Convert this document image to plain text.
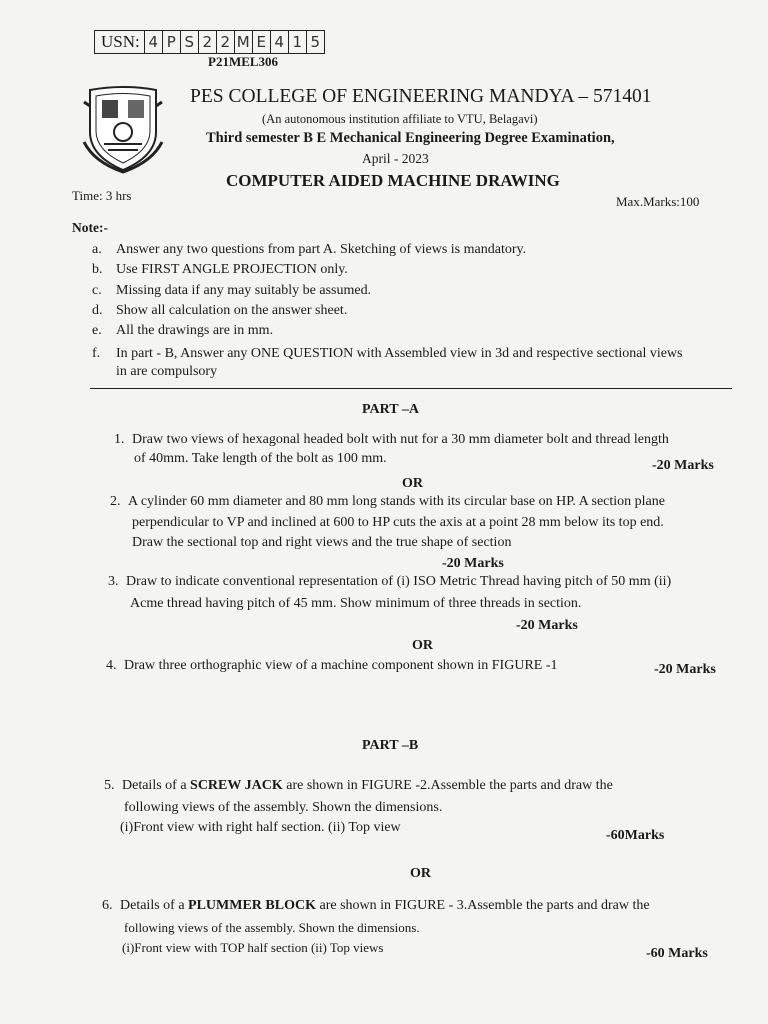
USN: 4 P S 2 2 M E 4 1 5
P21MEL306
PES COLLEGE OF ENGINEERING MANDYA – 571401
(An autonomous institution affiliate to VTU, Belagavi)
Third semester B E Mechanical Engineering Degree Examination,
April - 2023
COMPUTER AIDED MACHINE DRAWING
Time: 3 hrs	Max.Marks:100
Note:-
a. Answer any two questions from part A. Sketching of views is mandatory.
b. Use FIRST ANGLE PROJECTION only.
c. Missing data if any may suitably be assumed.
d. Show all calculation on the answer sheet.
e. All the drawings are in mm.
f. In part - B, Answer any ONE QUESTION with Assembled view in 3d and respective sectional views
in are compulsory
PART –A
1. Draw two views of hexagonal headed bolt with nut for a 30 mm diameter bolt and thread length
of 40mm. Take length of the bolt as 100 mm.	-20 Marks
OR
2. A cylinder 60 mm diameter and 80 mm long stands with its circular base on HP. A section plane
perpendicular to VP and inclined at 600 to HP cuts the axis at a point 28 mm below its top end.
Draw the sectional top and right views and the true shape of section
-20 Marks
3. Draw to indicate conventional representation of (i) ISO Metric Thread having pitch of 50 mm (ii)
Acme thread having pitch of 45 mm. Show minimum of three threads in section.
-20 Marks
OR
4. Draw three orthographic view of a machine component shown in FIGURE -1	-20 Marks
PART –B
5. Details of a SCREW JACK are shown in FIGURE -2.Assemble the parts and draw the
following views of the assembly. Shown the dimensions.
(i)Front view with right half section. (ii) Top view
-60Marks
OR
6. Details of a PLUMMER BLOCK are shown in FIGURE - 3.Assemble the parts and draw the
following views of the assembly. Shown the dimensions.
(i)Front view with TOP half section (ii) Top views	-60 Marks
